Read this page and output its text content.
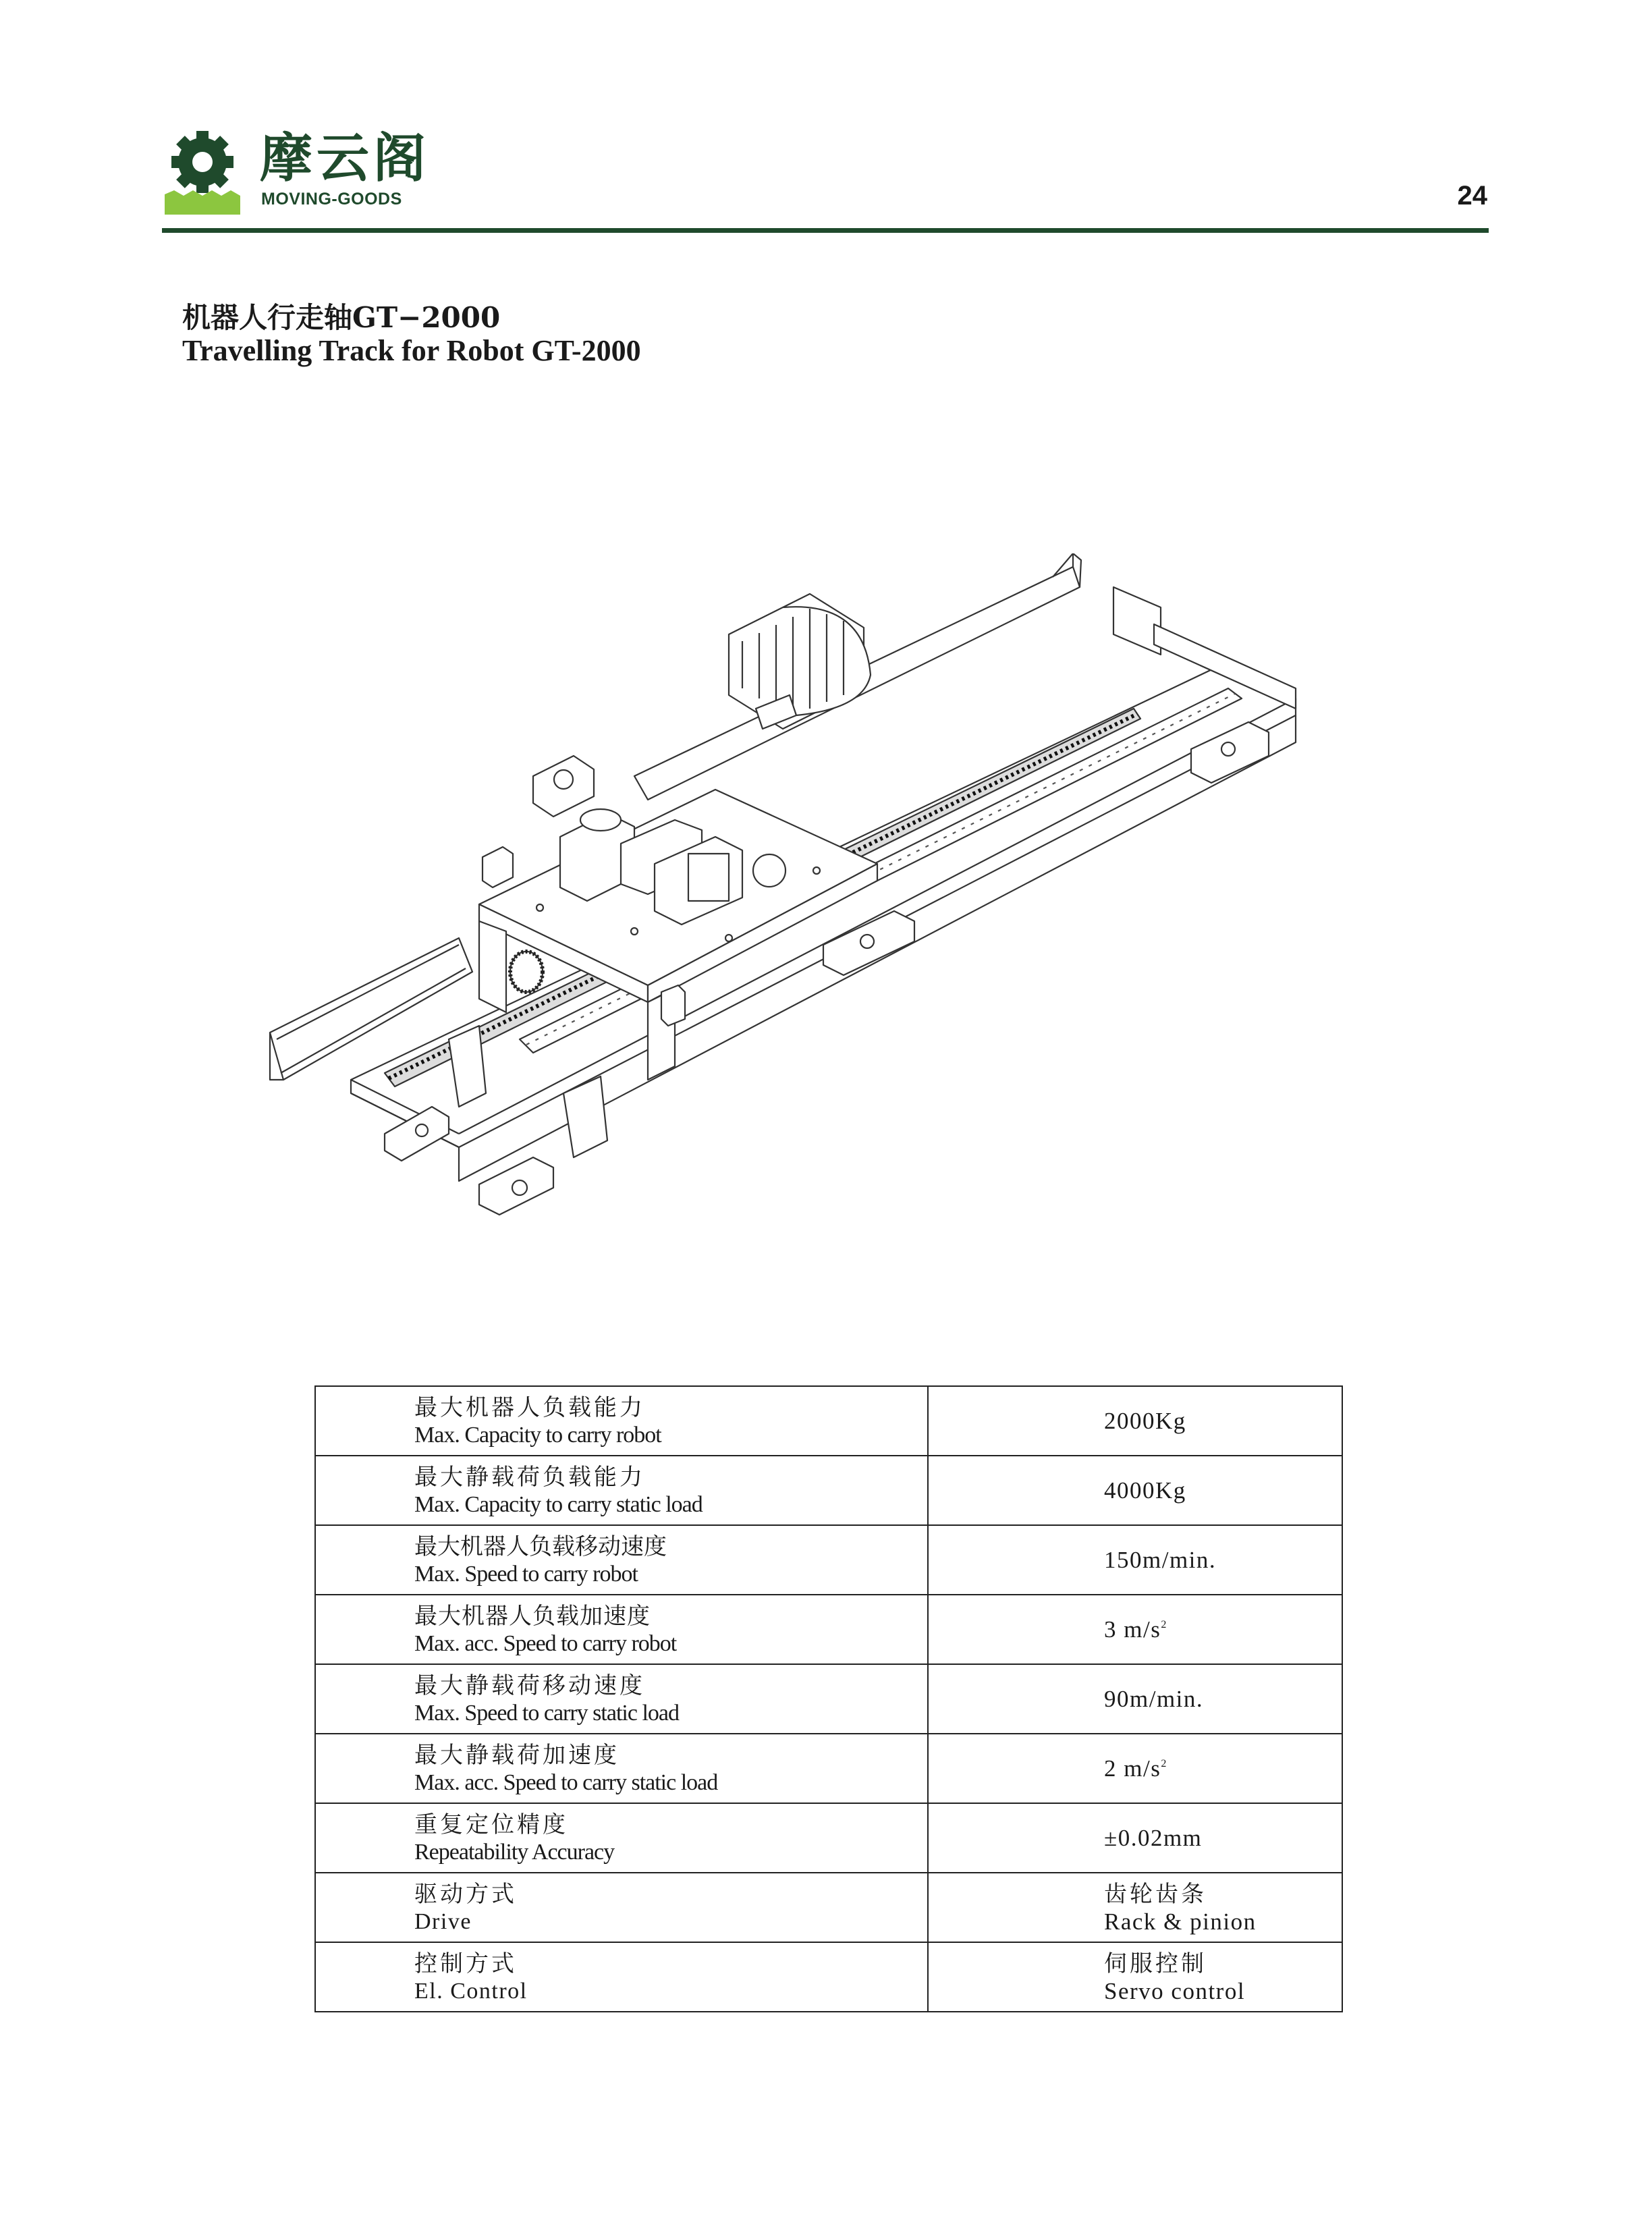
摩云阁
MOVING-GOODS	24
机器人行走轴GT−2000
Travelling Track for Robot GT-2000
最大机器人负载能力
Max. Capacity to carry robot	2000Kg

最大静载荷负载能力
Max. Capacity to carry static load	4000Kg

最大机器人负载移动速度
Max. Speed to carry robot	150m/min.

最大机器人负载加速度
Max. acc. Speed to carry robot	3 $m/s^2$

最大静载荷移动速度
Max. Speed to carry static load	90m/min.

最大静载荷加速度
Max. acc. Speed to carry static load	2 $m/s^2$

重复定位精度
Repeatability Accuracy	±0.02mm

驱动方式
Drive	齿轮齿条
Rack & pinion

控制方式
El. Control	伺服控制
Servo control
